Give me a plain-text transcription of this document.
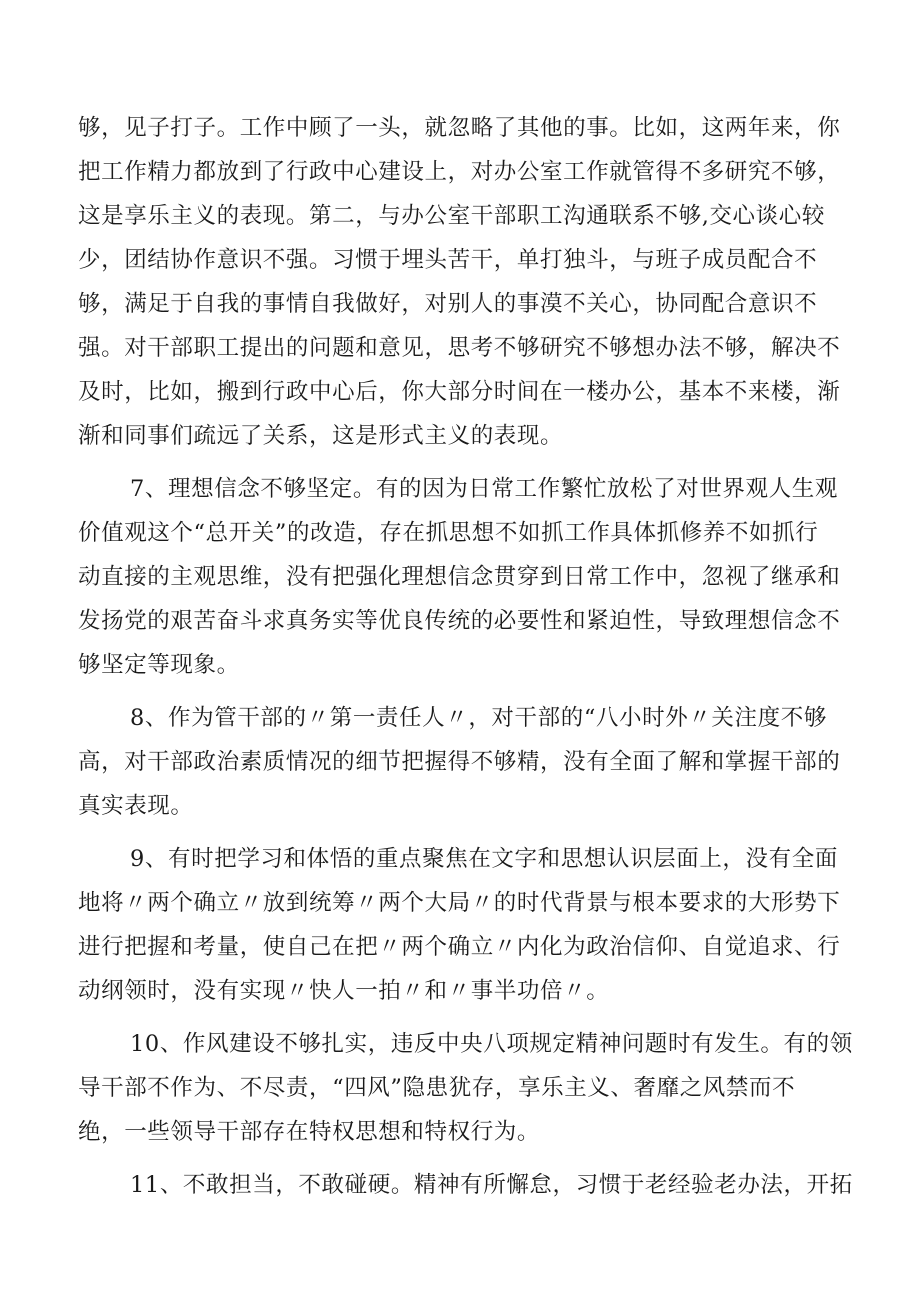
够，见子打子。工作中顾了一头，就忽略了其他的事。比如，这两年来，你
把工作精力都放到了行政中心建设上，对办公室工作就管得不多研究不够，
这是享乐主义的表现。第二，与办公室干部职工沟通联系不够,交心谈心较
少，团结协作意识不强。习惯于埋头苦干，单打独斗，与班子成员配合不
够，满足于自我的事情自我做好，对别人的事漠不关心，协同配合意识不
强。对干部职工提出的问题和意见，思考不够研究不够想办法不够，解决不
及时，比如，搬到行政中心后，你大部分时间在一楼办公，基本不来楼，渐
渐和同事们疏远了关系，这是形式主义的表现。
7、理想信念不够坚定。有的因为日常工作繁忙放松了对世界观人生观
价值观这个“总开关”的改造，存在抓思想不如抓工作具体抓修养不如抓行
动直接的主观思维，没有把强化理想信念贯穿到日常工作中，忽视了继承和
发扬党的艰苦奋斗求真务实等优良传统的必要性和紧迫性，导致理想信念不
够坚定等现象。
8、作为管干部的〃第一责任人〃，对干部的“八小时外〃关注度不够
高，对干部政治素质情况的细节把握得不够精，没有全面了解和掌握干部的
真实表现。
9、有时把学习和体悟的重点聚焦在文字和思想认识层面上，没有全面
地将〃两个确立〃放到统筹〃两个大局〃的时代背景与根本要求的大形势下
进行把握和考量，使自己在把〃两个确立〃内化为政治信仰、自觉追求、行
动纲领时，没有实现〃快人一拍〃和〃事半功倍〃。
10、作风建设不够扎实，违反中央八项规定精神问题时有发生。有的领
导干部不作为、不尽责，“四风”隐患犹存，享乐主义、奢靡之风禁而不
绝，一些领导干部存在特权思想和特权行为。
11、不敢担当，不敢碰硬。精神有所懈怠，习惯于老经验老办法，开拓
